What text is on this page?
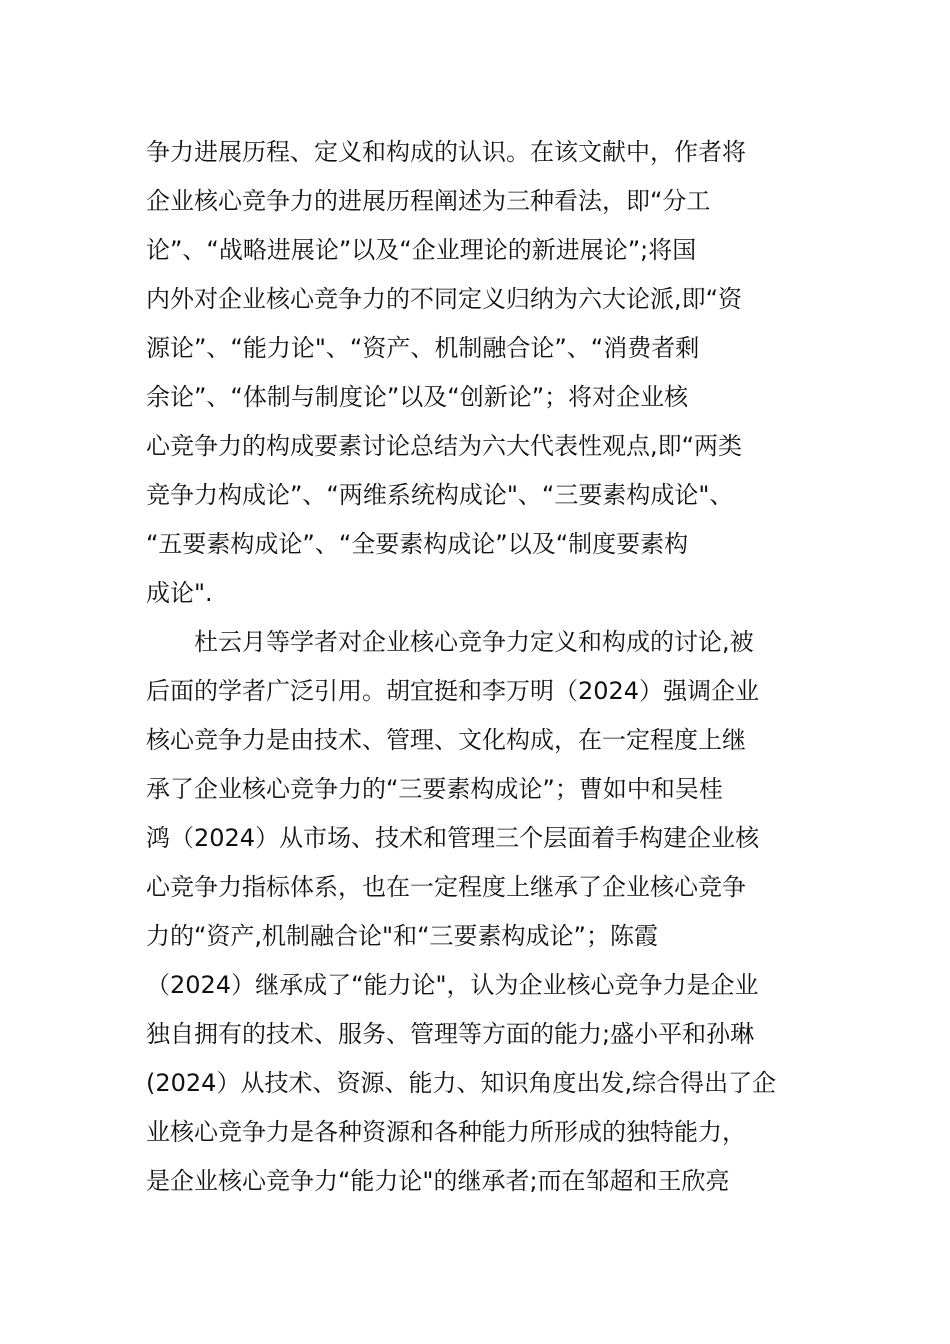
争力进展历程、定义和构成的认识。在该文献中，作者将
企业核心竞争力的进展历程阐述为三种看法，即“分工
论”、“战略进展论”以及“企业理论的新进展论”;将国
内外对企业核心竞争力的不同定义归纳为六大论派,即“资
源论”、“能力论"、“资产、机制融合论”、“消费者剩
余论”、“体制与制度论”以及“创新论”；将对企业核
心竞争力的构成要素讨论总结为六大代表性观点,即“两类
竞争力构成论”、“两维系统构成论"、“三要素构成论"、
“五要素构成论”、“全要素构成论”以及“制度要素构
成论".
杜云月等学者对企业核心竞争力定义和构成的讨论,被
后面的学者广泛引用。胡宜挺和李万明（2024）强调企业
核心竞争力是由技术、管理、文化构成，在一定程度上继
承了企业核心竞争力的“三要素构成论”；曹如中和吴桂
鸿（2024）从市场、技术和管理三个层面着手构建企业核
心竞争力指标体系，也在一定程度上继承了企业核心竞争
力的“资产,机制融合论"和“三要素构成论”；陈霞
（2024）继承成了“能力论"，认为企业核心竞争力是企业
独自拥有的技术、服务、管理等方面的能力;盛小平和孙琳
(2024）从技术、资源、能力、知识角度出发,综合得出了企
业核心竞争力是各种资源和各种能力所形成的独特能力，
是企业核心竞争力“能力论"的继承者;而在邹超和王欣亮
